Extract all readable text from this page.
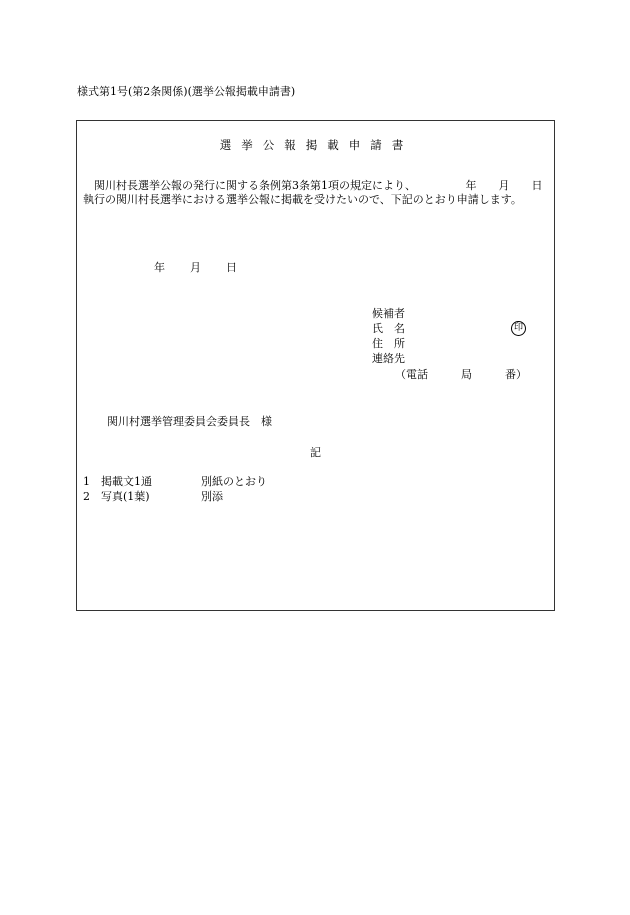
様式第1号(第2条関係)(選挙公報掲載申請書)
選挙公報掲載申請書
関川村長選挙公報の発行に関する条例第3条第1項の規定により、　　　　　年　　月　　日執行の関川村長選挙における選挙公報に掲載を受けたいので、下記のとおり申請します。
年 月 日
候補者
氏　名	印
住　所
連絡先
（電話　　　局　　　番）
関川村選挙管理委員会委員長　様
記
1 掲載文1通	別紙のとおり
2 写真(1葉)	別添
